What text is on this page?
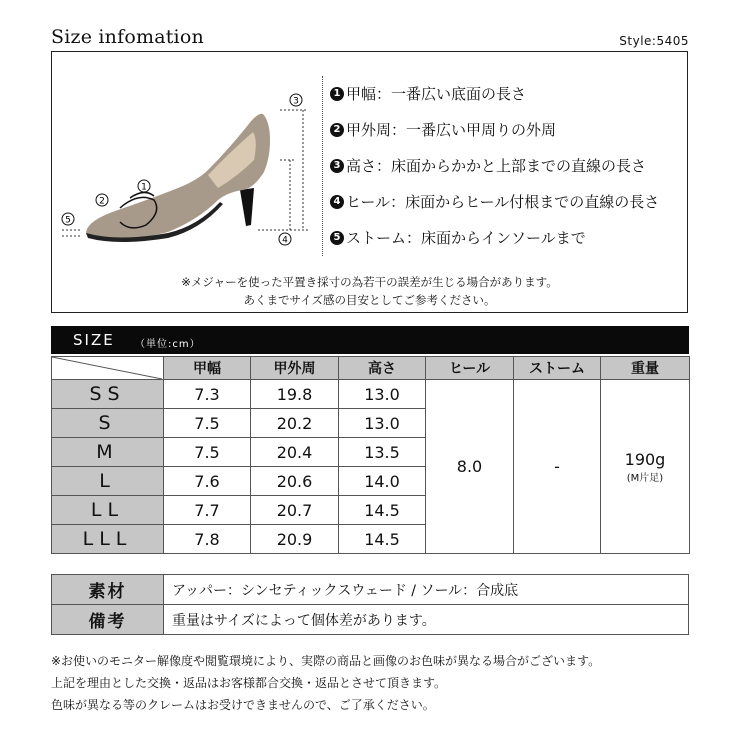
Size infomation	Style:5405
※メジャーを使った平置き採寸の為若干の誤差が生じる場合があります。
あくまでサイズ感の目安としてご参考ください。
3
1
2
5
4
1 甲幅：一番広い底面の長さ
2 甲外周：一番広い甲周りの外周
3 高さ：床面からかかと上部までの直線の長さ
4 ヒール：床面からヒール付根までの直線の長さ
5 ストーム：床面からインソールまで
SIZE （単位:cm）
	甲幅	甲外周	高さ	ヒール	ストーム	重量
SS	7.3	19.8	13.0	8.0	-	190g
(M片足)

S	7.5	20.2	13.0			
M	7.5	20.4	13.5			
L	7.6	20.6	14.0			
LL	7.7	20.7	14.5			
LLL	7.8	20.9	14.5			
素材	アッパー：シンセティックスウェード / ソール：合成底
備考	重量はサイズによって個体差があります。
※お使いのモニター解像度や閲覧環境により、実際の商品と画像のお色味が異なる場合がございます。
上記を理由とした交換・返品はお客様都合交換・返品とさせて頂きます。
色味が異なる等のクレームはお受けできませんので、ご了承ください。
